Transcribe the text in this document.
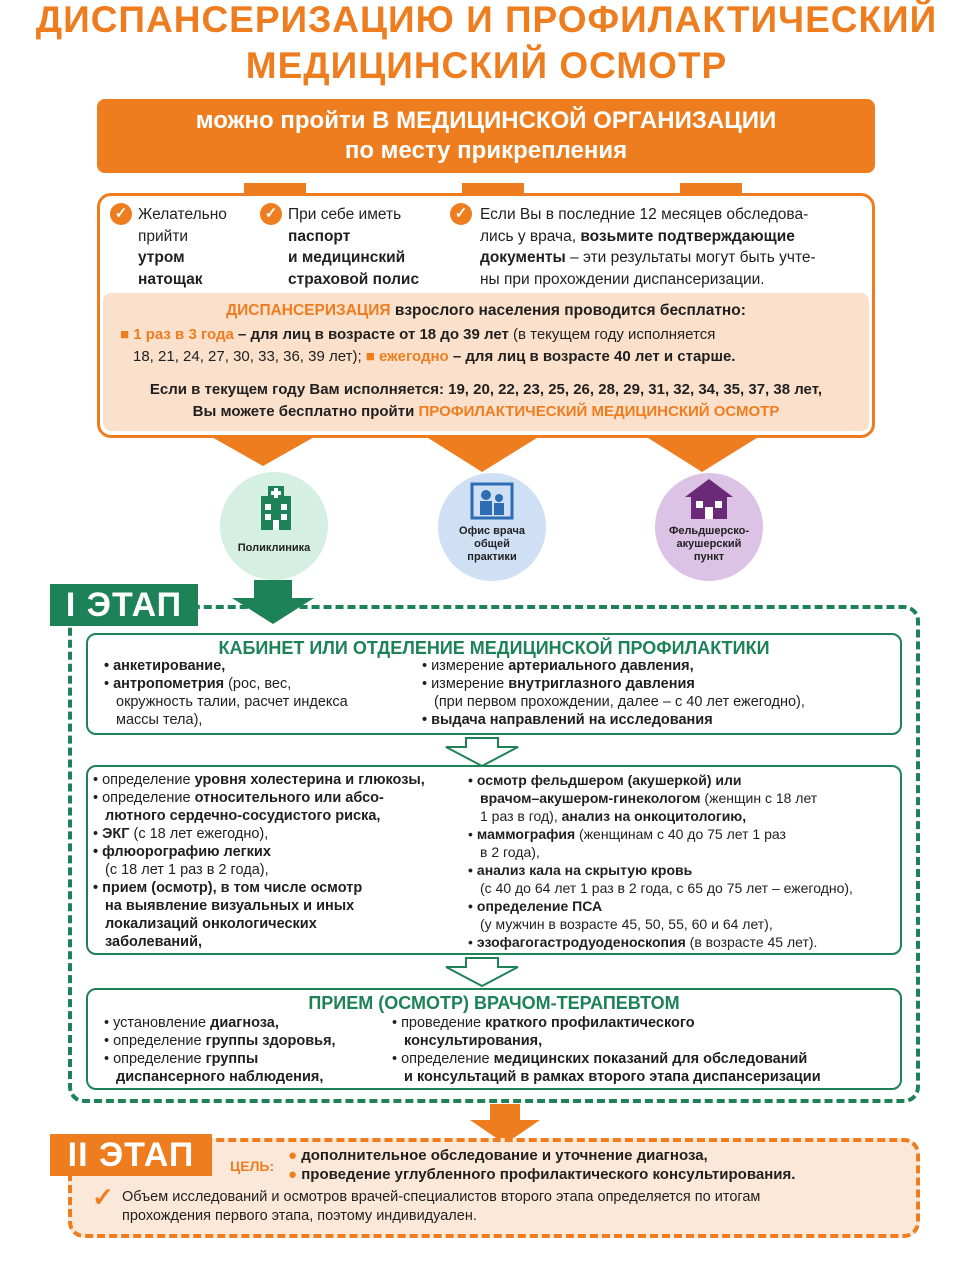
ДИСПАНСЕРИЗАЦИЮ И ПРОФИЛАКТИЧЕСКИЙ
МЕДИЦИНСКИЙ ОСМОТР
можно пройти В МЕДИЦИНСКОЙ ОРГАНИЗАЦИИ
по месту прикрепления
✓ Желательно
прийти
утром
натощак
✓ При себе иметь
паспорт
и медицинский
страховой полис
✓ Если Вы в последние 12 месяцев обследова-
лись у врача, возьмите подтверждающие
документы – эти результаты могут быть учте-
ны при прохождении диспансеризации.
ДИСПАНСЕРИЗАЦИЯ взрослого населения проводится бесплатно:
■ 1 раз в 3 года – для лиц в возрасте от 18 до 39 лет (в текущем году исполняется
18, 21, 24, 27, 30, 33, 36, 39 лет); ■ ежегодно – для лиц в возрасте 40 лет и старше.
Если в текущем году Вам исполняется: 19, 20, 22, 23, 25, 26, 28, 29, 31, 32, 34, 35, 37, 38 лет,
Вы можете бесплатно пройти ПРОФИЛАКТИЧЕСКИЙ МЕДИЦИНСКИЙ ОСМОТР
Поликлиника
Офис врача
общей
практики
Фельдшерско-
акушерский
пункт
I ЭТАП
КАБИНЕТ ИЛИ ОТДЕЛЕНИЕ МЕДИЦИНСКОЙ ПРОФИЛАКТИКИ
• анкетирование,
• антропометрия (рос, вес,
окружность талии, расчет индекса
массы тела),
• измерение артериального давления,
• измерение внутриглазного давления
(при первом прохождении, далее – с 40 лет ежегодно),
• выдача направлений на исследования
• определение уровня холестерина и глюкозы,
• определение относительного или абсо-
лютного сердечно-сосудистого риска,
• ЭКГ (с 18 лет ежегодно),
• флюорографию легких
(с 18 лет 1 раз в 2 года),
• прием (осмотр), в том числе осмотр
на выявление визуальных и иных
локализаций онкологических
заболеваний,
• осмотр фельдшером (акушеркой) или
врачом–акушером-гинекологом (женщин с 18 лет
1 раз в год), анализ на онкоцитологию,
• маммография (женщинам с 40 до 75 лет 1 раз
в 2 года),
• анализ кала на скрытую кровь
(с 40 до 64 лет 1 раз в 2 года, с 65 до 75 лет – ежегодно),
• определение ПСА
(у мужчин в возрасте 45, 50, 55, 60 и 64 лет),
• эзофагогастродуоденоскопия (в возрасте 45 лет).
ПРИЕМ (ОСМОТР) ВРАЧОМ-ТЕРАПЕВТОМ
• установление диагноза,
• определение группы здоровья,
• определение группы
диспансерного наблюдения,
• проведение краткого профилактического
консультирования,
• определение медицинских показаний для обследований
и консультаций в рамках второго этапа диспансеризации
II ЭТАП	ЦЕЛЬ:
● дополнительное обследование и уточнение диагноза,
● проведение углубленного профилактического консультирования.
✓ Объем исследований и осмотров врачей-специалистов второго этапа определяется по итогам
прохождения первого этапа, поэтому индивидуален.
